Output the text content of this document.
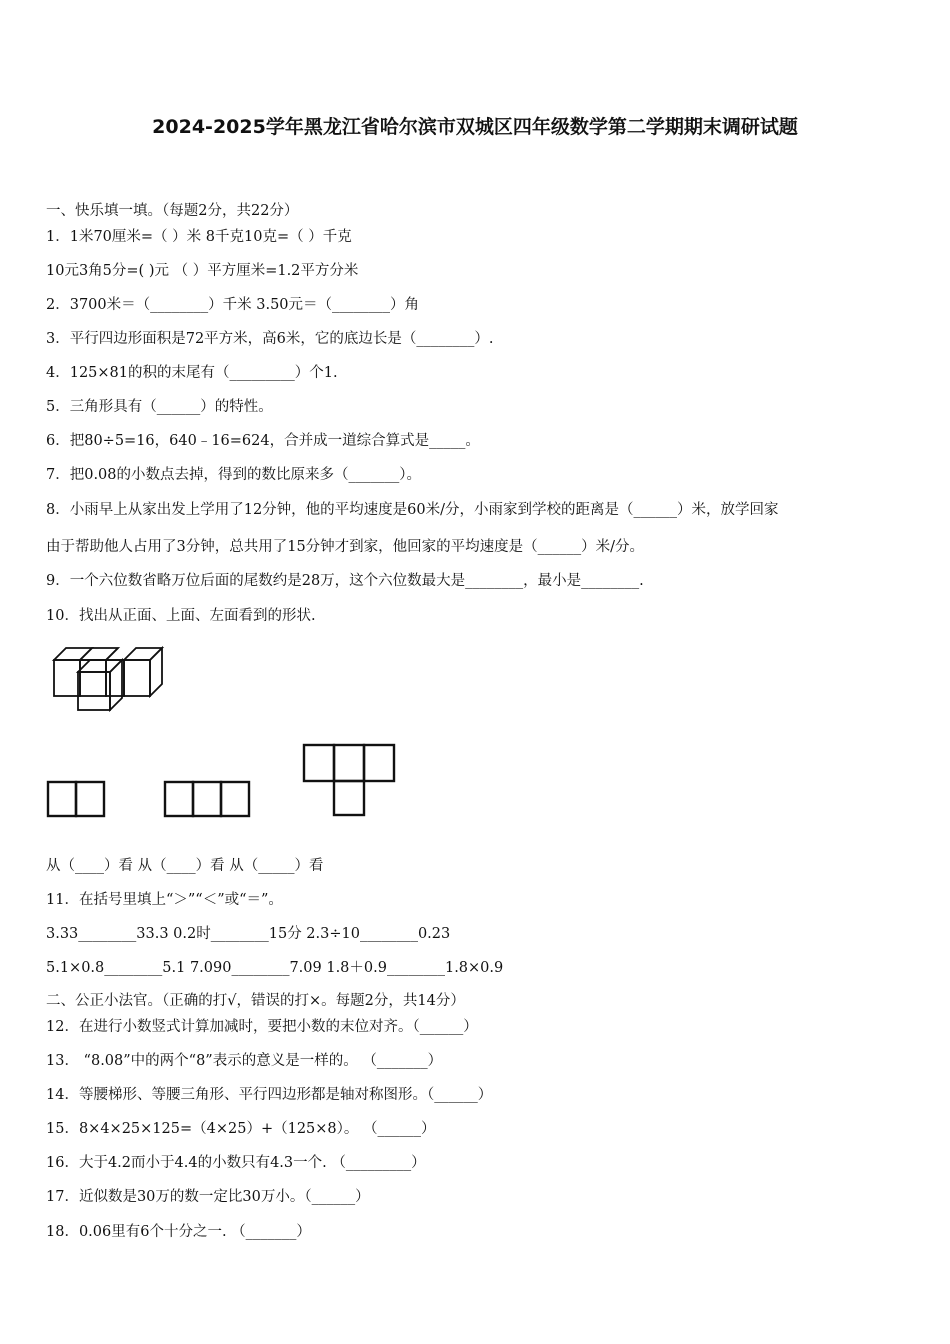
2024-2025学年黑龙江省哈尔滨市双城区四年级数学第二学期期末调研试题
一、快乐填一填。（每题2分，共22分）
1．1米70厘米=（ ）米 8千克10克=（ ）千克
10元3角5分=( )元 （ ）平方厘米=1.2平方分米
2．3700米＝（________）千米 3.50元＝（________）角
3．平行四边形面积是72平方米，高6米，它的底边长是（________）.
4．125×81的积的末尾有（_________）个1.
5．三角形具有（______）的特性。
6．把80÷5=16，640﹣16=624，合并成一道综合算式是_____。
7．把0.08的小数点去掉，得到的数比原来多（_______）。
8．小雨早上从家出发上学用了12分钟，他的平均速度是60米/分，小雨家到学校的距离是（______）米，放学回家
由于帮助他人占用了3分钟，总共用了15分钟才到家，他回家的平均速度是（______）米/分。
9．一个六位数省略万位后面的尾数约是28万，这个六位数最大是________，最小是________.
10．找出从正面、上面、左面看到的形状.
从（____）看 从（____）看 从（_____）看
11．在括号里填上“＞”“＜”或“＝”。
3.33________33.3 0.2时________15分 2.3÷10________0.23
5.1×0.8________5.1 7.090________7.09 1.8＋0.9________1.8×0.9
二、公正小法官。（正确的打√，错误的打×。每题2分，共14分）
12．在进行小数竖式计算加减时，要把小数的末位对齐。（______）
13． “8.08”中的两个“8”表示的意义是一样的。 （_______）
14．等腰梯形、等腰三角形、平行四边形都是轴对称图形。（______）
15．8×4×25×125=（4×25）+（125×8）。 （______）
16．大于4.2而小于4.4的小数只有4.3一个. （_________）
17．近似数是30万的数一定比30万小。（______）
18．0.06里有6个十分之一. （_______）
